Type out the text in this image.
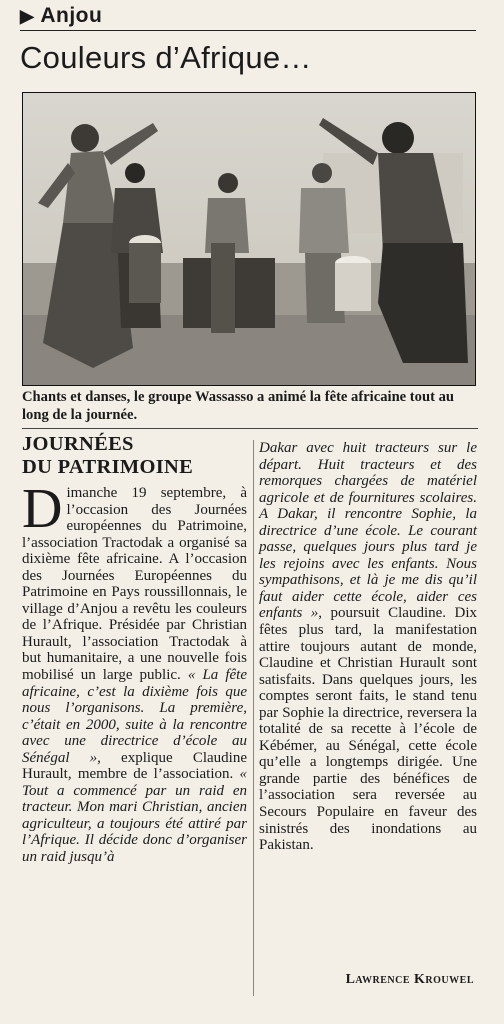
▶ Anjou
Couleurs d’Afrique…
Chants et danses, le groupe Wassasso a animé la fête africaine tout au long de la journée.
JOURNÉES
DU PATRIMOINE

D imanche 19 septembre, à l’occasion des Journées européennes du Patrimoine, l’association Tractodak a organisé sa dixième fête africaine. A l’occasion des Journées Européennes du Patrimoine en Pays roussillonnais, le village d’Anjou a revêtu les couleurs de l’Afrique. Présidée par Christian Hurault, l’association Tractodak à but humanitaire, a une nouvelle fois mobilisé un large public. « La fête africaine, c’est la dixième fois que nous l’organisons. La première, c’était en 2000, suite à la rencontre avec une directrice d’école au Sénégal », explique Claudine Hurault, membre de l’association. « Tout a commencé par un raid en tracteur. Mon mari Christian, ancien agriculteur, a toujours été attiré par l’Afrique. Il décide donc d’organiser un raid jusqu’à

Dakar avec huit tracteurs sur le départ. Huit tracteurs et des remorques chargées de matériel agricole et de fournitures scolaires. A Dakar, il rencontre Sophie, la directrice d’une école. Le courant passe, quelques jours plus tard je les rejoins avec les enfants. Nous sympathisons, et là je me dis qu’il faut aider cette école, aider ces enfants », poursuit Claudine. Dix fêtes plus tard, la manifestation attire toujours autant de monde, Claudine et Christian Hurault sont satisfaits. Dans quelques jours, les comptes seront faits, le stand tenu par Sophie la directrice, reversera la totalité de sa recette à l’école de Kébémer, au Sénégal, cette école qu’elle a longtemps dirigée. Une grande partie des bénéfices de l’association sera reversée au Secours Populaire en faveur des sinistrés des inondations au Pakistan.

Lawrence Krouwel
